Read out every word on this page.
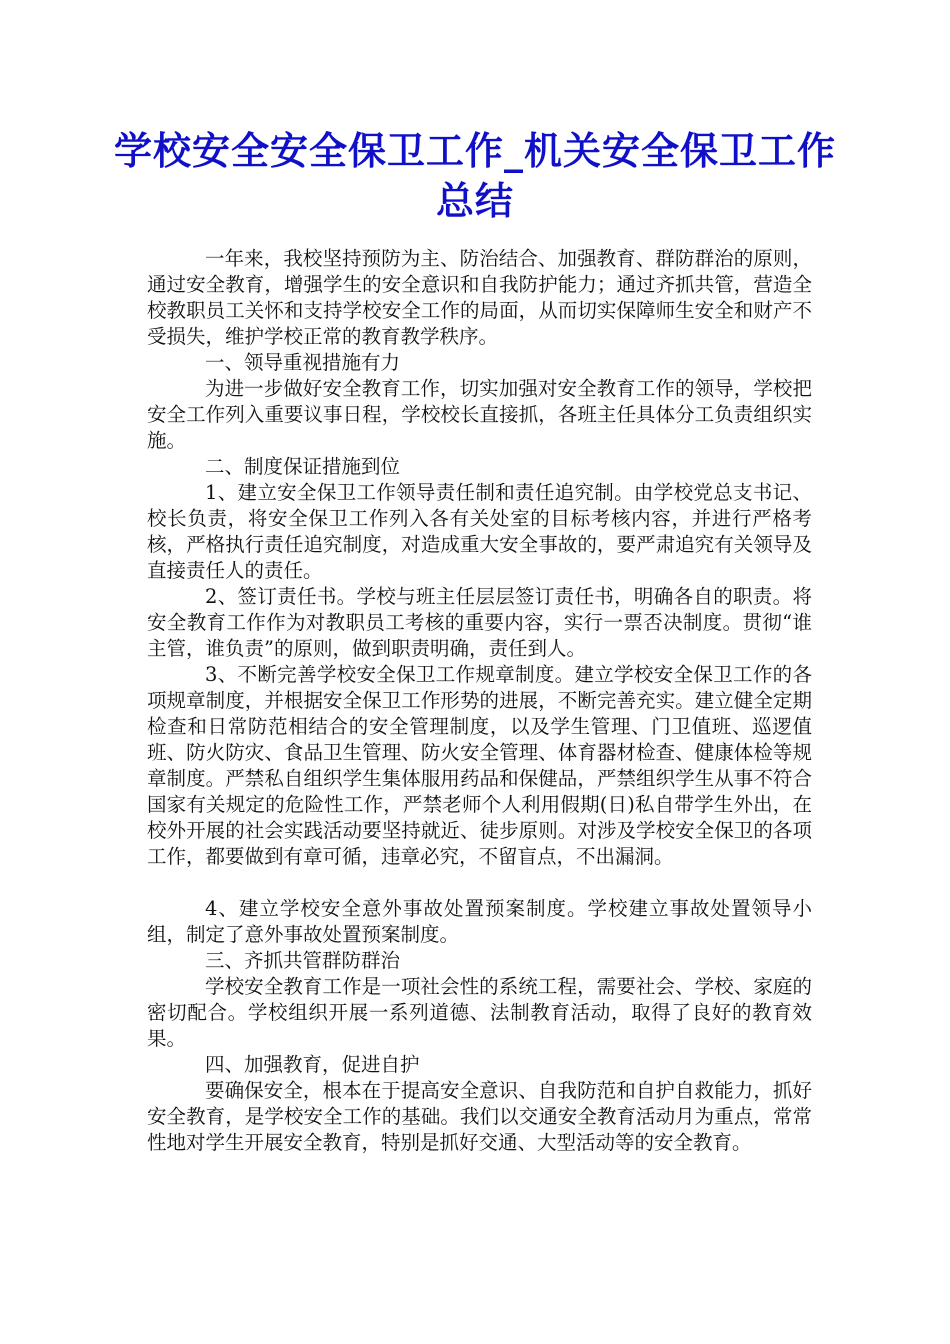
学校安全安全保卫工作_机关安全保卫工作总结

一年来，我校坚持预防为主、防治结合、加强教育、群防群治的原则，通过安全教育，增强学生的安全意识和自我防护能力；通过齐抓共管，营造全校教职员工关怀和支持学校安全工作的局面，从而切实保障师生安全和财产不受损失，维护学校正常的教育教学秩序。

一、领导重视措施有力

为进一步做好安全教育工作，切实加强对安全教育工作的领导，学校把安全工作列入重要议事日程，学校校长直接抓，各班主任具体分工负责组织实施。

二、制度保证措施到位

1、建立安全保卫工作领导责任制和责任追究制。由学校党总支书记、校长负责，将安全保卫工作列入各有关处室的目标考核内容，并进行严格考核，严格执行责任追究制度，对造成重大安全事故的，要严肃追究有关领导及直接责任人的责任。

2、签订责任书。学校与班主任层层签订责任书，明确各自的职责。将安全教育工作作为对教职员工考核的重要内容，实行一票否决制度。贯彻“谁主管，谁负责”的原则，做到职责明确，责任到人。

3、不断完善学校安全保卫工作规章制度。建立学校安全保卫工作的各项规章制度，并根据安全保卫工作形势的进展，不断完善充实。建立健全定期检查和日常防范相结合的安全管理制度，以及学生管理、门卫值班、巡逻值班、防火防灾、食品卫生管理、防火安全管理、体育器材检查、健康体检等规章制度。严禁私自组织学生集体服用药品和保健品，严禁组织学生从事不符合国家有关规定的危险性工作，严禁老师个人利用假期(日)私自带学生外出，在校外开展的社会实践活动要坚持就近、徒步原则。对涉及学校安全保卫的各项工作，都要做到有章可循，违章必究，不留盲点，不出漏洞。

4、建立学校安全意外事故处置预案制度。学校建立事故处置领导小组，制定了意外事故处置预案制度。

三、齐抓共管群防群治

学校安全教育工作是一项社会性的系统工程，需要社会、学校、家庭的密切配合。学校组织开展一系列道德、法制教育活动，取得了良好的教育效果。

四、加强教育，促进自护

要确保安全，根本在于提高安全意识、自我防范和自护自救能力，抓好安全教育，是学校安全工作的基础。我们以交通安全教育活动月为重点，常常性地对学生开展安全教育，特别是抓好交通、大型活动等的安全教育。
